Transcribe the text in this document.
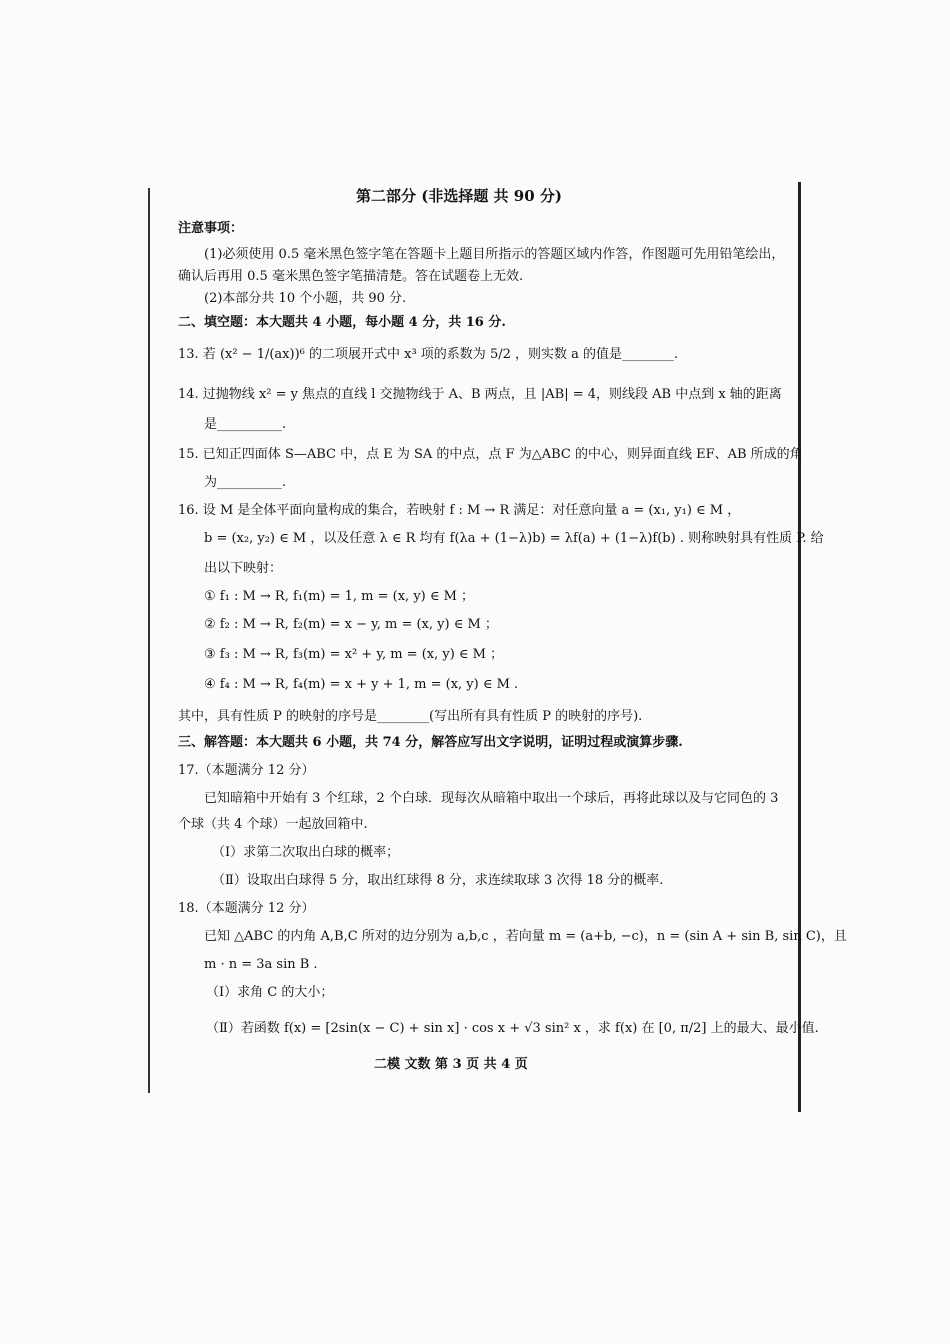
第二部分 (非选择题 共 90 分)
注意事项：
(1)必须使用 0.5 毫米黑色签字笔在答题卡上题目所指示的答题区域内作答，作图题可先用铅笔绘出，
确认后再用 0.5 毫米黑色签字笔描清楚。答在试题卷上无效.
(2)本部分共 10 个小题，共 90 分.
二、填空题：本大题共 4 小题，每小题 4 分，共 16 分.
13. 若 (x² − 1/(ax))⁶ 的二项展开式中 x³ 项的系数为 5/2 ，则实数 a 的值是________.
14. 过抛物线 x² = y 焦点的直线 l 交抛物线于 A、B 两点，且 |AB| = 4，则线段 AB 中点到 x 轴的距离
是__________.
15. 已知正四面体 S—ABC 中，点 E 为 SA 的中点，点 F 为△ABC 的中心，则异面直线 EF、AB 所成的角
为__________.
16. 设 M 是全体平面向量构成的集合，若映射 f : M → R 满足：对任意向量 a = (x₁, y₁) ∈ M ，
b = (x₂, y₂) ∈ M ，以及任意 λ ∈ R 均有 f(λa + (1−λ)b) = λf(a) + (1−λ)f(b) . 则称映射具有性质 P. 给
出以下映射：
① f₁ : M → R, f₁(m) = 1, m = (x, y) ∈ M ；
② f₂ : M → R, f₂(m) = x − y, m = (x, y) ∈ M ；
③ f₃ : M → R, f₃(m) = x² + y, m = (x, y) ∈ M ；
④ f₄ : M → R, f₄(m) = x + y + 1, m = (x, y) ∈ M .
其中，具有性质 P 的映射的序号是________(写出所有具有性质 P 的映射的序号).
三、解答题：本大题共 6 小题，共 74 分，解答应写出文字说明，证明过程或演算步骤.
17.（本题满分 12 分）
已知暗箱中开始有 3 个红球，2 个白球．现每次从暗箱中取出一个球后，再将此球以及与它同色的 3
个球（共 4 个球）一起放回箱中.
（Ⅰ）求第二次取出白球的概率；
（Ⅱ）设取出白球得 5 分，取出红球得 8 分，求连续取球 3 次得 18 分的概率.
18.（本题满分 12 分）
已知 △ABC 的内角 A,B,C 所对的边分别为 a,b,c ，若向量 m = (a+b, −c)，n = (sin A + sin B, sin C)，且
m · n = 3a sin B .
（Ⅰ）求角 C 的大小；
（Ⅱ）若函数 f(x) = [2sin(x − C) + sin x] · cos x + √3 sin² x ，求 f(x) 在 [0, π/2] 上的最大、最小值.
二模 文数 第 3 页 共 4 页
